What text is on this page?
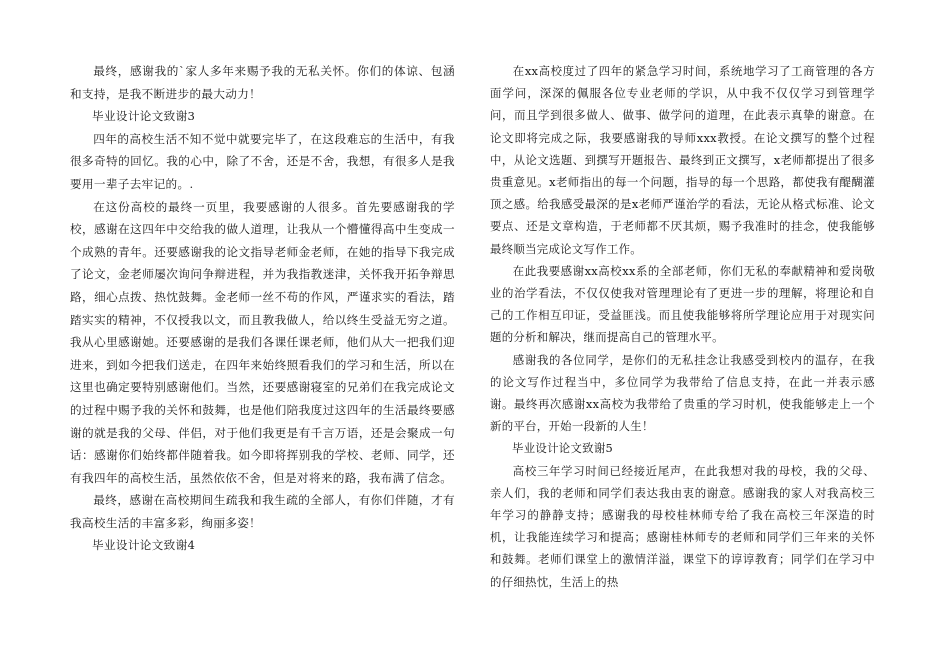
最终，感谢我的`家人多年来赐予我的无私关怀。你们的体谅、包涵和支持，是我不断进步的最大动力！

毕业设计论文致谢3

四年的高校生活不知不觉中就要完毕了，在这段难忘的生活中，有我很多奇特的回忆。我的心中，除了不舍，还是不舍，我想，有很多人是我要用一辈子去牢记的。.

在这份高校的最终一页里，我要感谢的人很多。首先要感谢我的学校，感谢在这四年中交给我的做人道理，让我从一个懵懂得高中生变成一个成熟的青年。还要感谢我的论文指导老师金老师，在她的指导下我完成了论文，金老师屡次询问争辩进程，并为我指教迷津，关怀我开拓争辩思路，细心点拨、热忱鼓舞。金老师一丝不苟的作风，严谨求实的看法，踏踏实实的精神，不仅授我以文，而且教我做人，给以终生受益无穷之道。我从心里感谢她。还要感谢的是我们各课任课老师，他们从大一把我们迎进来，到如今把我们送走，在四年来始终照看我们的学习和生活，所以在这里也确定要特别感谢他们。当然，还要感谢寝室的兄弟们在我完成论文的过程中赐予我的关怀和鼓舞，也是他们陪我度过这四年的生活最终要感谢的就是我的父母、伴侣，对于他们我更是有千言万语，还是会聚成一句话：感谢你们始终都伴随着我。如今即将挥别我的学校、老师、同学，还有我四年的高校生活，虽然依依不舍，但是对将来的路，我布满了信念。

最终，感谢在高校期间生疏我和我生疏的全部人，有你们伴随，才有我高校生活的丰富多彩，绚丽多姿！

毕业设计论文致谢4

在xx高校度过了四年的紧急学习时间，系统地学习了工商管理的各方面学问，深深的佩服各位专业老师的学识，从中我不仅仅学习到管理学问，而且学到很多做人、做事、做学问的道理，在此表示真挚的谢意。在论文即将完成之际，我要感谢我的导师xxx教授。在论文撰写的整个过程中，从论文选题、到撰写开题报告、最终到正文撰写，x老师都提出了很多贵重意见。x老师指出的每一个问题，指导的每一个思路，都使我有醍醐灌顶之感。给我感受最深的是x老师严谨治学的看法，无论从格式标准、论文要点、还是文章构造，于老师都不厌其烦，赐予我准时的挂念，使我能够最终顺当完成论文写作工作。

在此我要感谢xx高校xx系的全部老师，你们无私的奉献精神和爱岗敬业的治学看法，不仅仅使我对管理理论有了更进一步的理解，将理论和自己的工作相互印证，受益匪浅。而且使我能够将所学理论应用于对现实问题的分析和解决，继而提高自己的管理水平。

感谢我的各位同学，是你们的无私挂念让我感受到校内的温存，在我的论文写作过程当中，多位同学为我带给了信息支持，在此一并表示感谢。最终再次感谢xx高校为我带给了贵重的学习时机，使我能够走上一个新的平台，开始一段新的人生！

毕业设计论文致谢5

高校三年学习时间已经接近尾声，在此我想对我的母校，我的父母、亲人们，我的老师和同学们表达我由衷的谢意。感谢我的家人对我高校三年学习的静静支持；感谢我的母校桂林师专给了我在高校三年深造的时机，让我能连续学习和提高；感谢桂林师专的老师和同学们三年来的关怀和鼓舞。老师们课堂上的激情洋溢，课堂下的谆谆教育；同学们在学习中的仔细热忱，生活上的热
